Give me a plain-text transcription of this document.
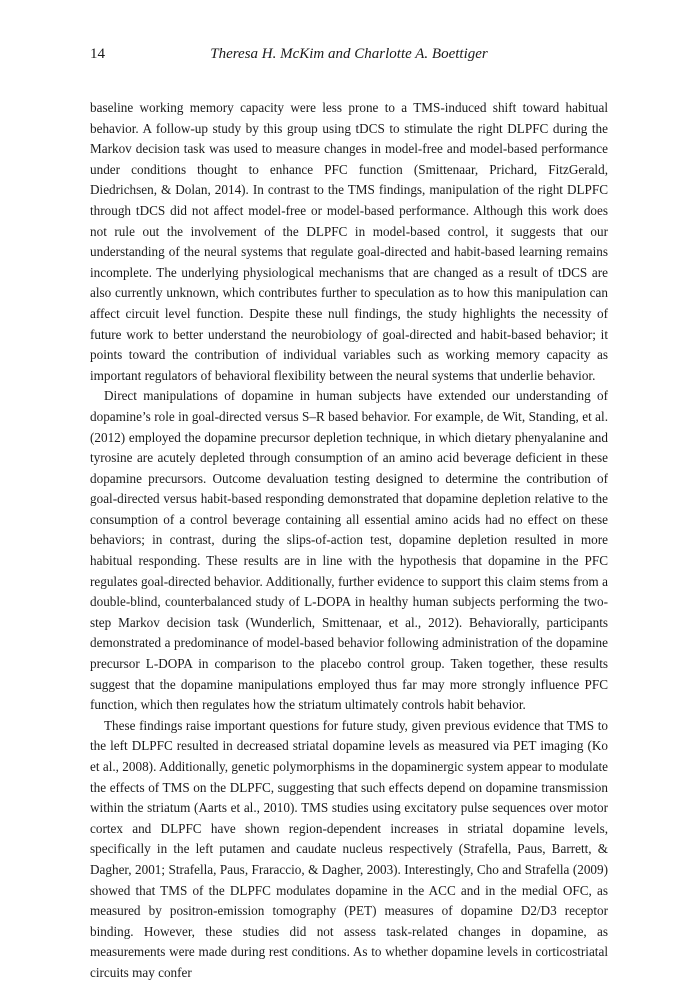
14	Theresa H. McKim and Charlotte A. Boettiger

baseline working memory capacity were less prone to a TMS-induced shift toward habitual behavior. A follow-up study by this group using tDCS to stimulate the right DLPFC during the Markov decision task was used to measure changes in model-free and model-based performance under conditions thought to enhance PFC function (Smittenaar, Prichard, FitzGerald, Diedrichsen, & Dolan, 2014). In contrast to the TMS findings, manipulation of the right DLPFC through tDCS did not affect model-free or model-based performance. Although this work does not rule out the involvement of the DLPFC in model-based control, it suggests that our understanding of the neural systems that regulate goal-directed and habit-based learning remains incomplete. The underlying physiological mechanisms that are changed as a result of tDCS are also currently unknown, which contributes further to speculation as to how this manipulation can affect circuit level function. Despite these null findings, the study highlights the necessity of future work to better understand the neurobiology of goal-directed and habit-based behavior; it points toward the contribution of individual variables such as working memory capacity as important regulators of behavioral flexibility between the neural systems that underlie behavior.

Direct manipulations of dopamine in human subjects have extended our understanding of dopamine’s role in goal-directed versus S–R based behavior. For example, de Wit, Standing, et al. (2012) employed the dopamine precursor depletion technique, in which dietary phenyalanine and tyrosine are acutely depleted through consumption of an amino acid beverage deficient in these dopamine precursors. Outcome devaluation testing designed to determine the contribution of goal-directed versus habit-based responding demonstrated that dopamine depletion relative to the consumption of a control beverage containing all essential amino acids had no effect on these behaviors; in contrast, during the slips-of-action test, dopamine depletion resulted in more habitual responding. These results are in line with the hypothesis that dopamine in the PFC regulates goal-directed behavior. Additionally, further evidence to support this claim stems from a double-blind, counterbalanced study of L-DOPA in healthy human subjects performing the two-step Markov decision task (Wunderlich, Smittenaar, et al., 2012). Behaviorally, participants demonstrated a predominance of model-based behavior following administration of the dopamine precursor L-DOPA in comparison to the placebo control group. Taken together, these results suggest that the dopamine manipulations employed thus far may more strongly influence PFC function, which then regulates how the striatum ultimately controls habit behavior.

These findings raise important questions for future study, given previous evidence that TMS to the left DLPFC resulted in decreased striatal dopamine levels as measured via PET imaging (Ko et al., 2008). Additionally, genetic polymorphisms in the dopaminergic system appear to modulate the effects of TMS on the DLPFC, suggesting that such effects depend on dopamine transmission within the striatum (Aarts et al., 2010). TMS studies using excitatory pulse sequences over motor cortex and DLPFC have shown region-dependent increases in striatal dopamine levels, specifically in the left putamen and caudate nucleus respectively (Strafella, Paus, Barrett, & Dagher, 2001; Strafella, Paus, Fraraccio, & Dagher, 2003). Interestingly, Cho and Strafella (2009) showed that TMS of the DLPFC modulates dopamine in the ACC and in the medial OFC, as measured by positron-emission tomography (PET) measures of dopamine D2/D3 receptor binding. However, these studies did not assess task-related changes in dopamine, as measurements were made during rest conditions. As to whether dopamine levels in corticostriatal circuits may confer
